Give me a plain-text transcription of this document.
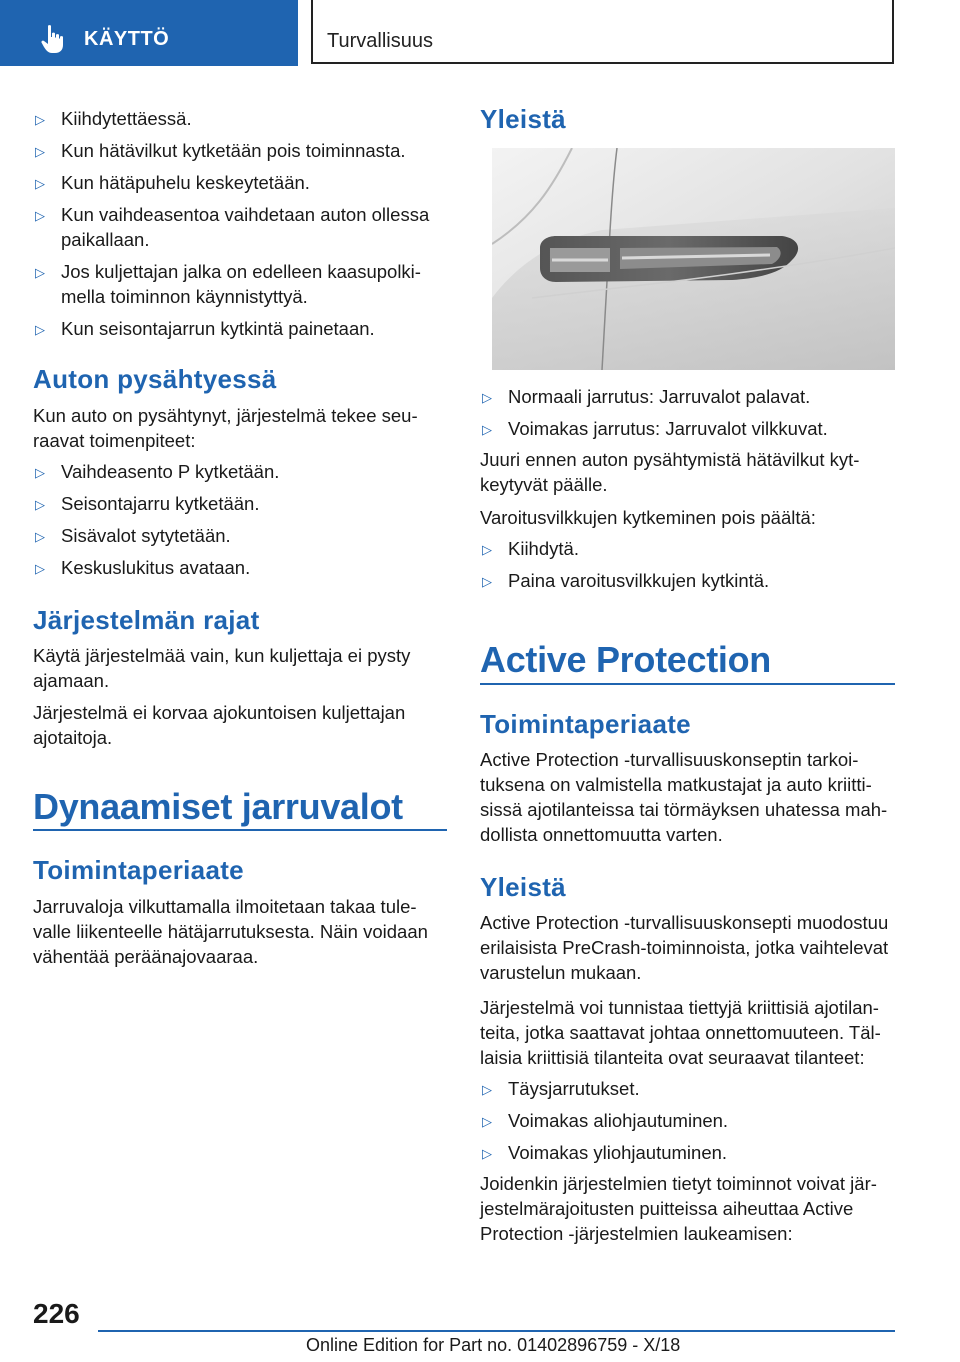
KÄYTTÖ	Turvallisuus
▷ Kiihdytettäessä.
▷ Kun hätävilkut kytketään pois toiminnasta.
▷ Kun hätäpuhelu keskeytetään.
▷ Kun vaihdeasentoa vaihdetaan auton ollessa paikallaan.
▷ Jos kuljettajan jalka on edelleen kaasupolkimella toiminnon käynnistyttyä.
▷ Kun seisontajarrun kytkintä painetaan.
Auton pysähtyessä
Kun auto on pysähtynyt, järjestelmä tekee seuraavat toimenpiteet:
▷ Vaihdeasento P kytketään.
▷ Seisontajarru kytketään.
▷ Sisävalot sytytetään.
▷ Keskuslukitus avataan.
Järjestelmän rajat
Käytä järjestelmää vain, kun kuljettaja ei pysty ajamaan.
Järjestelmä ei korvaa ajokuntoisen kuljettajan ajotaitoja.
Dynaamiset jarruvalot
Toimintaperiaate
Jarruvaloja vilkuttamalla ilmoitetaan takaa tulevalle liikenteelle hätäjarrutuksesta. Näin voidaan vähentää peräänajovaaraa.
Yleistä
▷ Normaali jarrutus: Jarruvalot palavat.
▷ Voimakas jarrutus: Jarruvalot vilkkuvat.
Juuri ennen auton pysähtymistä hätävilkut kytkeytyvät päälle.
Varoitusvilkkujen kytkeminen pois päältä:
▷ Kiihdytä.
▷ Paina varoitusvilkkujen kytkintä.
Active Protection
Toimintaperiaate
Active Protection -turvallisuuskonseptin tarkoituksena on valmistella matkustajat ja auto kriittisissä ajotilanteissa tai törmäyksen uhatessa mahdollista onnettomuutta varten.
Yleistä
Active Protection -turvallisuuskonsepti muodostuu erilaisista PreCrash-toiminnoista, jotka vaihtelevat varustelun mukaan.
Järjestelmä voi tunnistaa tiettyjä kriittisiä ajotilanteita, jotka saattavat johtaa onnettomuuteen. Tällaisia kriittisiä tilanteita ovat seuraavat tilanteet:
▷ Täysjarrutukset.
▷ Voimakas aliohjautuminen.
▷ Voimakas yliohjautuminen.
Joidenkin järjestelmien tietyt toiminnot voivat järjestelmärajoitusten puitteissa aiheuttaa Active Protection -järjestelmien laukeamisen:
226
Online Edition for Part no. 01402896759 - X/18
